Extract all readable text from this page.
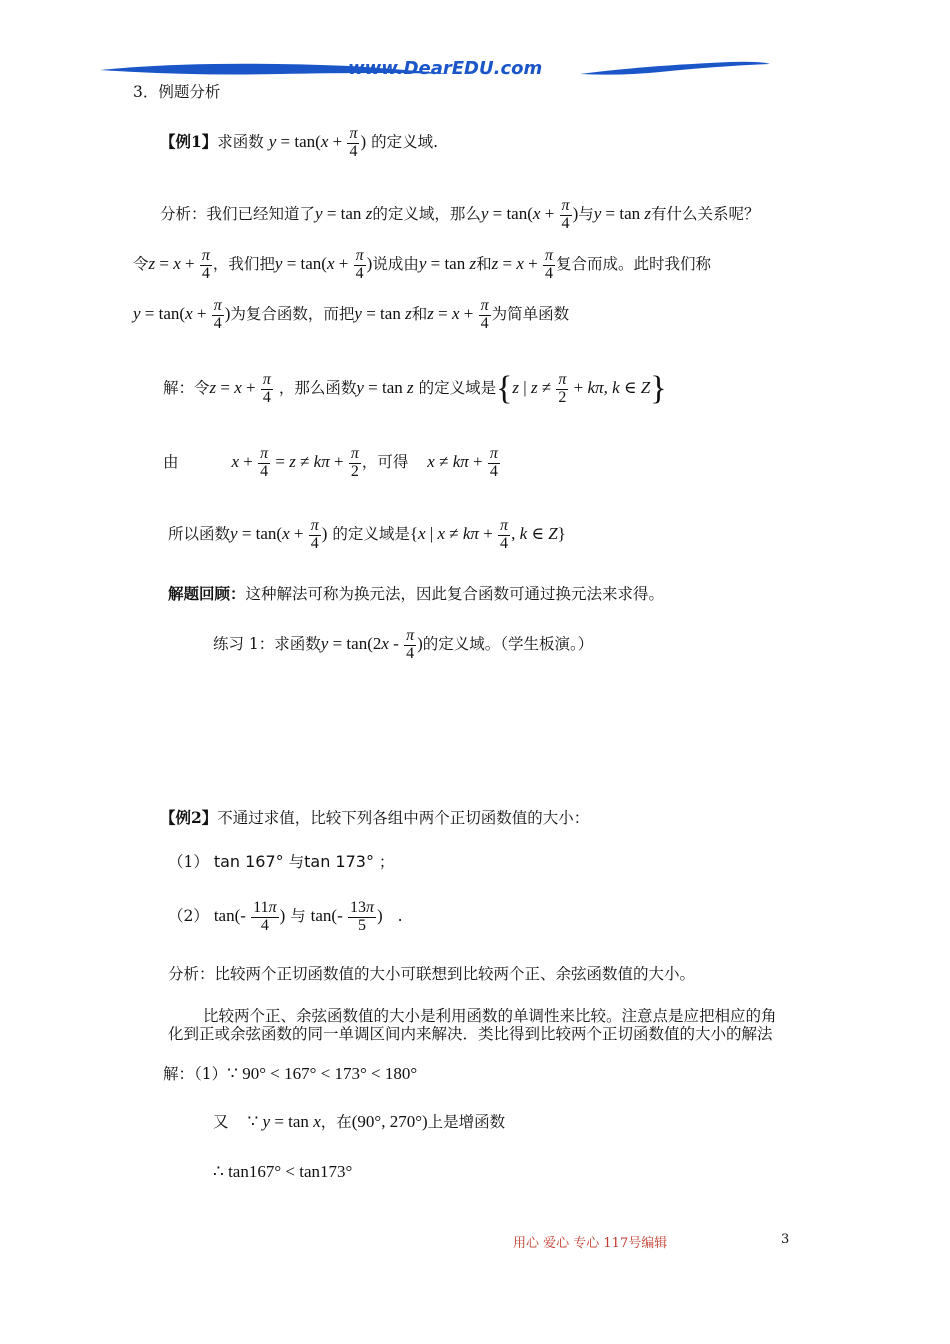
www.DearEDU.com
3．例题分析
【例1】求函数 $y = \tan(x + \frac{\pi}{4}$ ) 的定义域.
分析：我们已经知道了y = tan z的定义域，那么$y = \tan(x + \frac{\pi}{4}$ )与y = tan z有什么关系呢？
令$z = x + \frac{\pi}{4}$ ，我们把$y = \tan(x + \frac{\pi}{4}$ )说成由y = tan z和$z = x + \frac{\pi}{4}$ 复合而成。此时我们称
$y = \tan(x + \frac{\pi}{4}$ )为复合函数，而把y = tan z和$z = x + \frac{\pi}{4}$ 为简单函数
解：令$z = x + \frac{\pi}{4}$ ，那么函数y = tan z 的定义域是{z | $z \ne \frac{\pi}{2} + k\pi$, k ∈ Z}
由	$x + \frac{\pi}{4} = z \ne k\pi + \frac{\pi}{2}$ ，可得 $x \ne k\pi + \frac{\pi}{4}$
所以函数$y = \tan(x + \frac{\pi}{4}$ ) 的定义域是{x | $x \ne k\pi + \frac{\pi}{4}$ , k ∈ Z}
解题回顾：这种解法可称为换元法，因此复合函数可通过换元法来求得。
练习 1：求函数$y = \tan(2x - \frac{\pi}{4}$ )的定义域。（学生板演。）
【例2】不通过求值，比较下列各组中两个正切函数值的大小：
（1） tan 167° 与tan 173° ；
（2） $\tan(- \frac{11\pi}{4}$ ) 与 $\tan(- \frac{13\pi}{5}$ ) .
分析：比较两个正切函数值的大小可联想到比较两个正、余弦函数值的大小。
比较两个正、余弦函数值的大小是利用函数的单调性来比较。注意点是应把相应的角
化到正或余弦函数的同一单调区间内来解决．类比得到比较两个正切函数值的大小的解法
解：（1）∵ 90° < 167° < 173° < 180°
又 ∵ y = tan x，在(90°, 270°)上是增函数
∴ tan167° < tan173°
用心 爱心 专心 117号编辑	3
